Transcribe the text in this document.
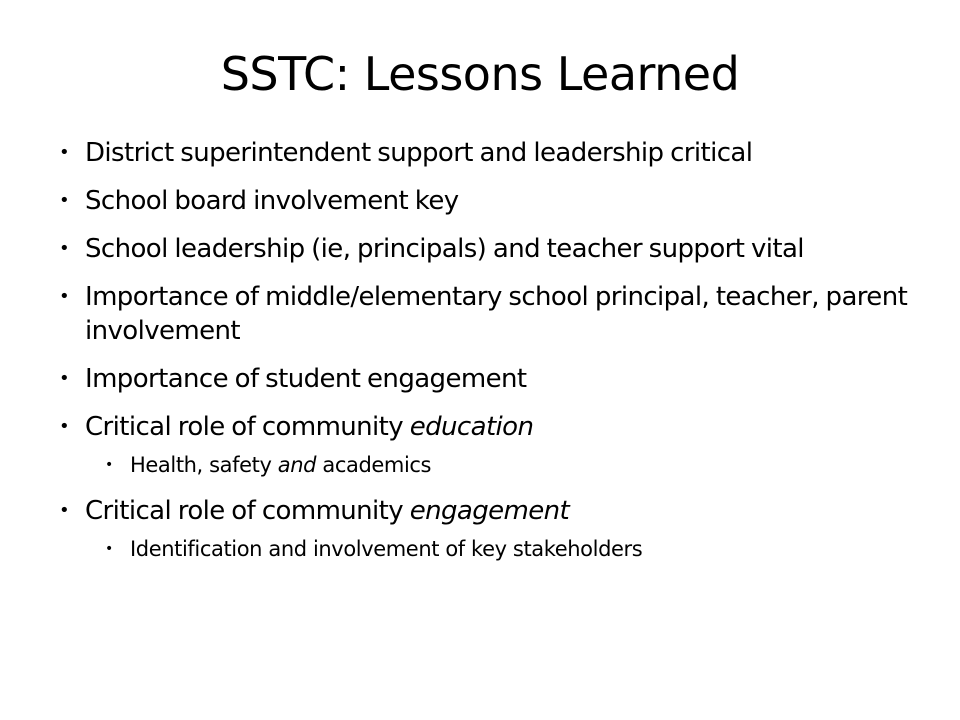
SSTC: Lessons Learned
• District superintendent support and leadership critical
• School board involvement key
• School leadership (ie, principals) and teacher support vital
• Importance of middle/elementary school principal, teacher, parent involvement
• Importance of student engagement
• Critical role of community education
• Health, safety and academics
• Critical role of community engagement
• Identification and involvement of key stakeholders
